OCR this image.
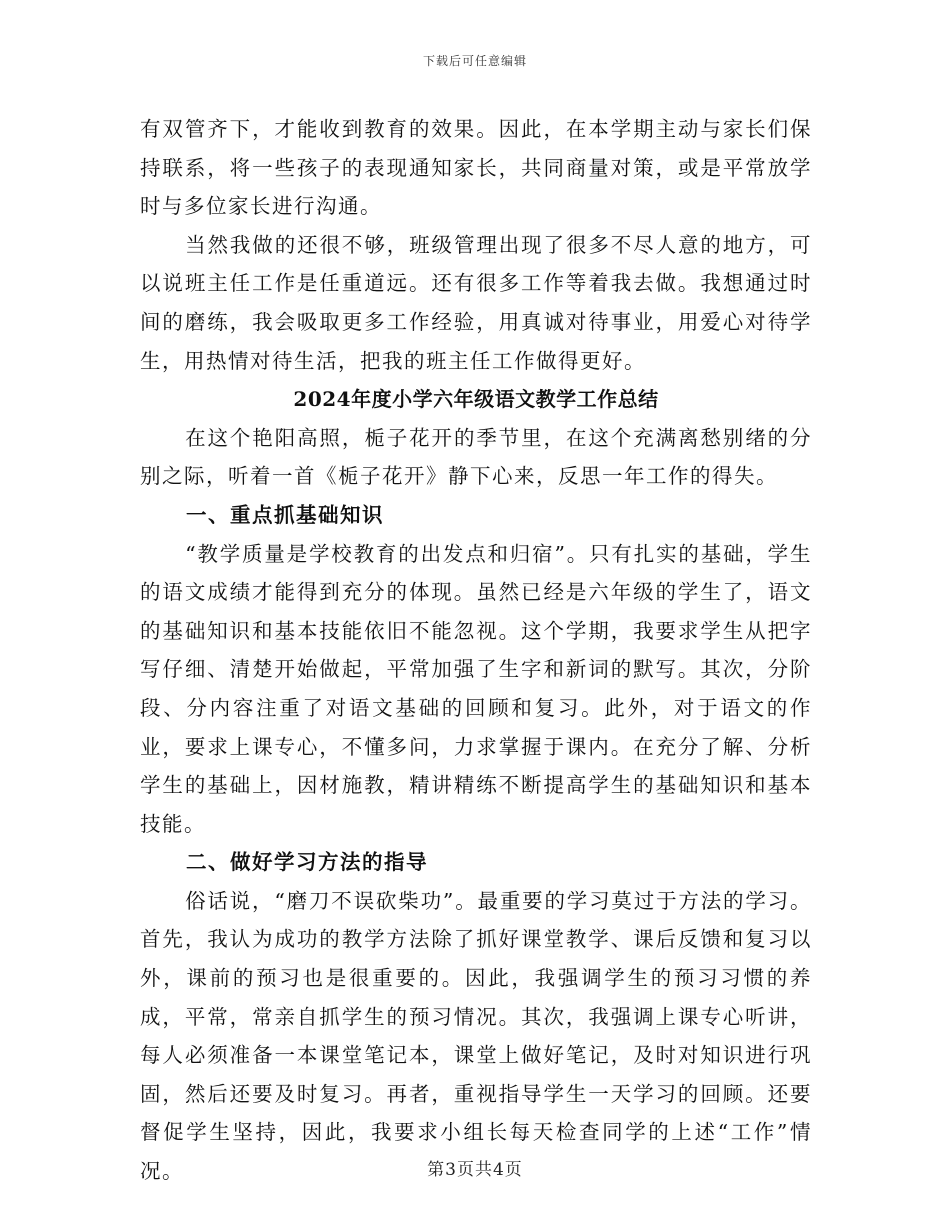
下载后可任意编辑

有双管齐下，才能收到教育的效果。因此，在本学期主动与家长们保持联系，将一些孩子的表现通知家长，共同商量对策，或是平常放学时与多位家长进行沟通。

当然我做的还很不够，班级管理出现了很多不尽人意的地方，可以说班主任工作是任重道远。还有很多工作等着我去做。我想通过时间的磨练，我会吸取更多工作经验，用真诚对待事业，用爱心对待学生，用热情对待生活，把我的班主任工作做得更好。

2024年度小学六年级语文教学工作总结

在这个艳阳高照，栀子花开的季节里，在这个充满离愁别绪的分别之际，听着一首《栀子花开》静下心来，反思一年工作的得失。

一、重点抓基础知识

“教学质量是学校教育的出发点和归宿”。只有扎实的基础，学生的语文成绩才能得到充分的体现。虽然已经是六年级的学生了，语文的基础知识和基本技能依旧不能忽视。这个学期，我要求学生从把字写仔细、清楚开始做起，平常加强了生字和新词的默写。其次，分阶段、分内容注重了对语文基础的回顾和复习。此外，对于语文的作业，要求上课专心，不懂多问，力求掌握于课内。在充分了解、分析学生的基础上，因材施教，精讲精练不断提高学生的基础知识和基本技能。

二、做好学习方法的指导

俗话说，“磨刀不误砍柴功”。最重要的学习莫过于方法的学习。首先，我认为成功的教学方法除了抓好课堂教学、课后反馈和复习以外，课前的预习也是很重要的。因此，我强调学生的预习习惯的养成，平常，常亲自抓学生的预习情况。其次，我强调上课专心听讲，每人必须准备一本课堂笔记本，课堂上做好笔记，及时对知识进行巩固，然后还要及时复习。再者，重视指导学生一天学习的回顾。还要督促学生坚持，因此，我要求小组长每天检查同学的上述“工作”情况。	第3页共4页
